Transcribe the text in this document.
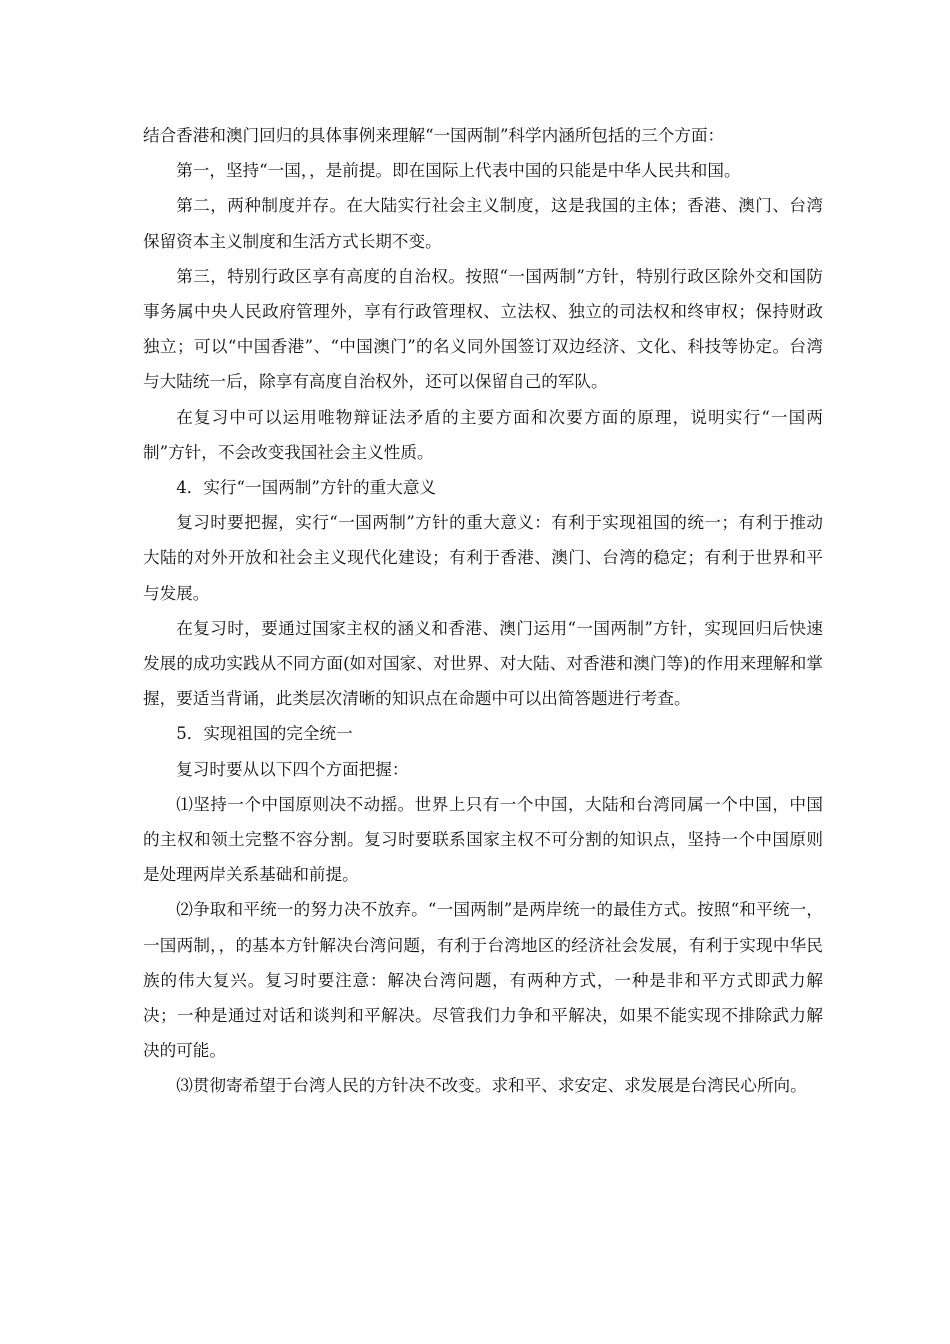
结合香港和澳门回归的具体事例来理解“一国两制”科学内涵所包括的三个方面：

第一，坚持“一国，，是前提。即在国际上代表中国的只能是中华人民共和国。

第二，两种制度并存。在大陆实行社会主义制度，这是我国的主体；香港、澳门、台湾保留资本主义制度和生活方式长期不变。

第三，特别行政区享有高度的自治权。按照“一国两制”方针，特别行政区除外交和国防事务属中央人民政府管理外，享有行政管理权、立法权、独立的司法权和终审权；保持财政独立；可以“中国香港”、“中国澳门”的名义同外国签订双边经济、文化、科技等协定。台湾与大陆统一后，除享有高度自治权外，还可以保留自己的军队。

在复习中可以运用唯物辩证法矛盾的主要方面和次要方面的原理，说明实行“一国两制”方针，不会改变我国社会主义性质。

4．实行“一国两制”方针的重大意义

复习时要把握，实行“一国两制”方针的重大意义：有利于实现祖国的统一；有利于推动大陆的对外开放和社会主义现代化建设；有利于香港、澳门、台湾的稳定；有利于世界和平与发展。

在复习时，要通过国家主权的涵义和香港、澳门运用“一国两制”方针，实现回归后快速发展的成功实践从不同方面(如对国家、对世界、对大陆、对香港和澳门等)的作用来理解和掌握，要适当背诵，此类层次清晰的知识点在命题中可以出简答题进行考查。

5．实现祖国的完全统一

复习时要从以下四个方面把握：

⑴坚持一个中国原则决不动摇。世界上只有一个中国，大陆和台湾同属一个中国，中国的主权和领土完整不容分割。复习时要联系国家主权不可分割的知识点，坚持一个中国原则是处理两岸关系基础和前提。

⑵争取和平统一的努力决不放弃。“一国两制”是两岸统一的最佳方式。按照“和平统一，一国两制，，的基本方针解决台湾问题，有利于台湾地区的经济社会发展，有利于实现中华民族的伟大复兴。复习时要注意：解决台湾问题，有两种方式，一种是非和平方式即武力解决；一种是通过对话和谈判和平解决。尽管我们力争和平解决，如果不能实现不排除武力解决的可能。

⑶贯彻寄希望于台湾人民的方针决不改变。求和平、求安定、求发展是台湾民心所向。
